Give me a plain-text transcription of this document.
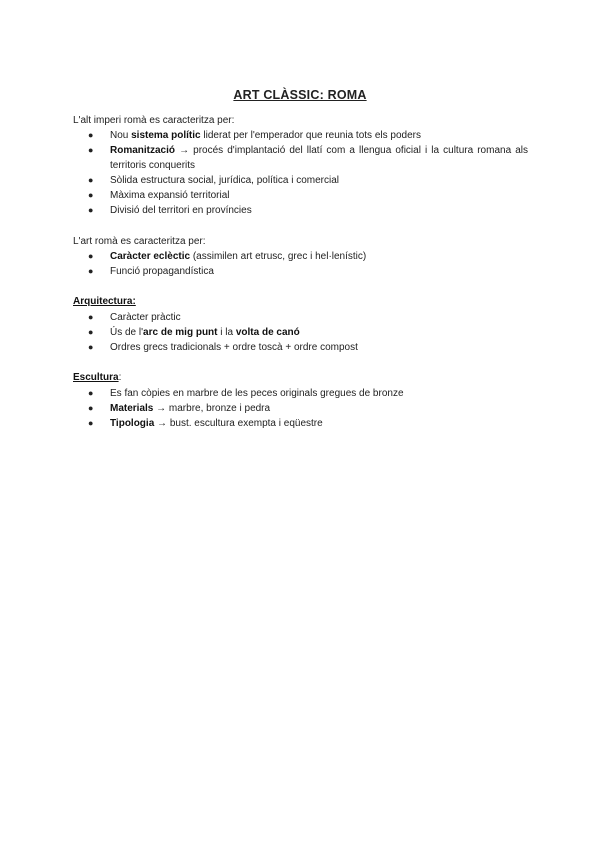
ART CLÀSSIC: ROMA
L'alt imperi romà es caracteritza per:
● Nou sistema polític liderat per l'emperador que reunia tots els poders
● Romanització → procés d'implantació del llatí com a llengua oficial i la cultura romana als territoris conquerits
● Sòlida estructura social, jurídica, política i comercial
● Màxima expansió territorial
● Divisió del territori en províncies
L'art romà es caracteritza per:
● Caràcter eclèctic (assimilen art etrusc, grec i hel·lenístic)
● Funció propagandística
Arquitectura:
● Caràcter pràctic
● Ús de l'arc de mig punt i la volta de canó
● Ordres grecs tradicionals + ordre toscà + ordre compost
Escultura:
● Es fan còpies en marbre de les peces originals gregues de bronze
● Materials → marbre, bronze i pedra
● Tipologia → bust. escultura exempta i eqüestre
